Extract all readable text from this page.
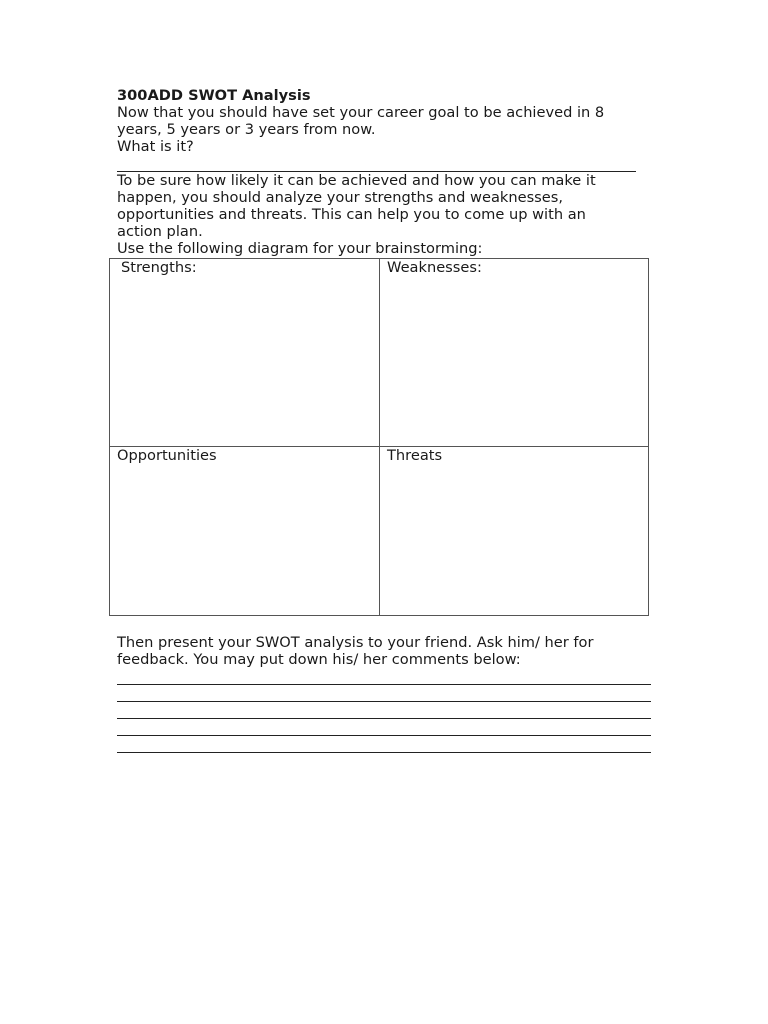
300ADD SWOT Analysis
Now that you should have set your career goal to be achieved in 8
years, 5 years or 3 years from now.
What is it?
To be sure how likely it can be achieved and how you can make it
happen, you should analyze your strengths and weaknesses,
opportunities and threats. This can help you to come up with an
action plan.
Use the following diagram for your brainstorming:
Strengths:	Weaknesses:
Opportunities	Threats
Then present your SWOT analysis to your friend. Ask him/ her for
feedback. You may put down his/ her comments below:
